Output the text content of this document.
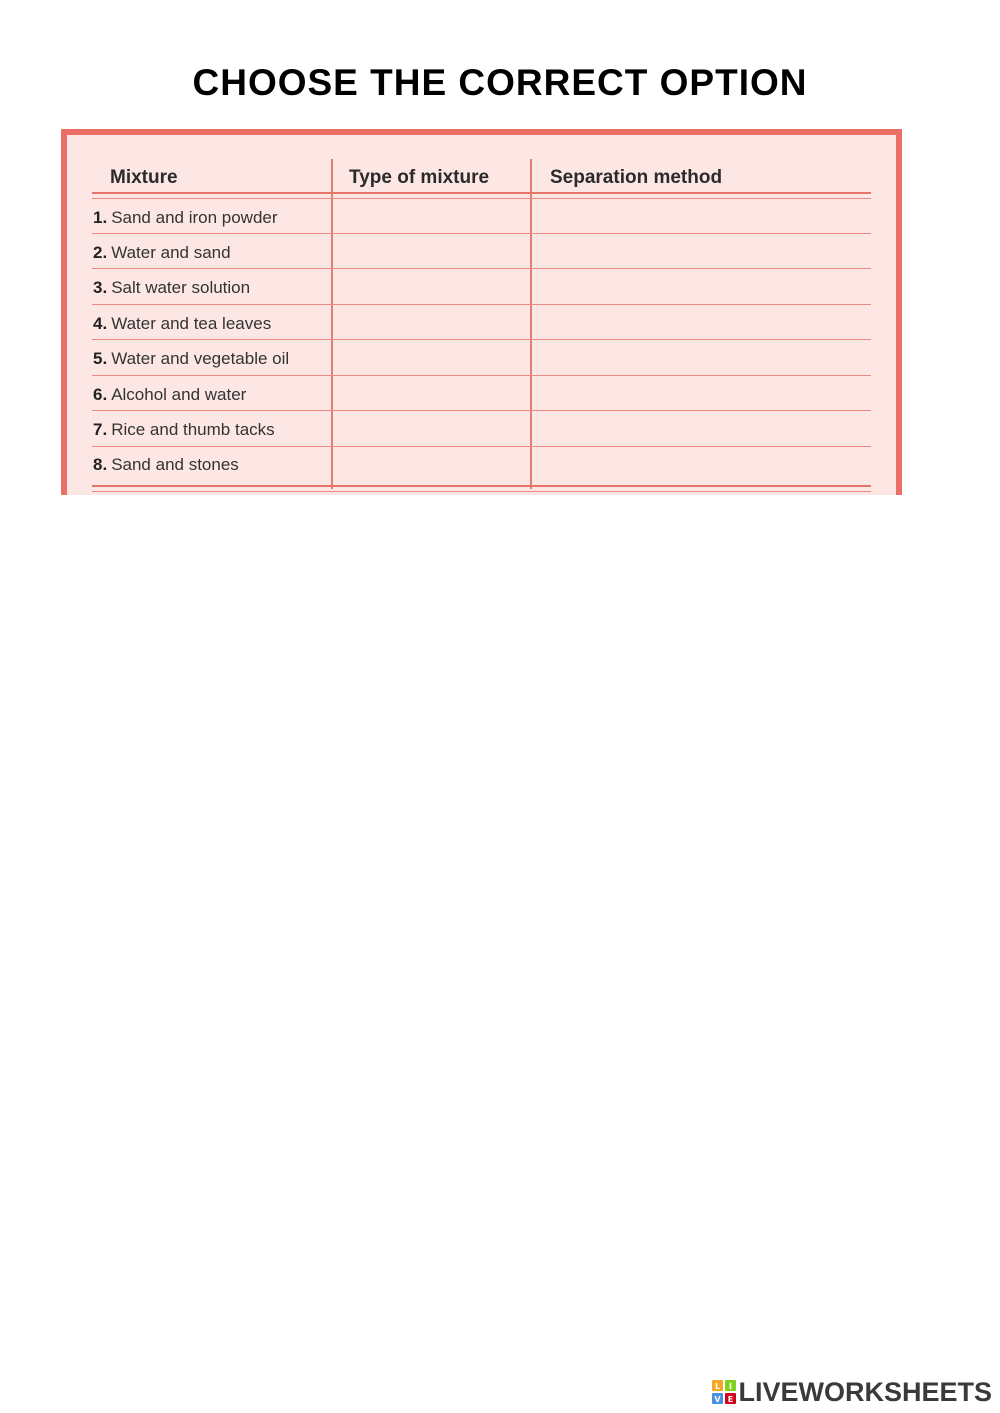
CHOOSE THE CORRECT OPTION
Mixture	Type of mixture	Separation method
1. Sand and iron powder
2. Water and sand
3. Salt water solution
4. Water and tea leaves
5. Water and vegetable oil
6. Alcohol and water
7. Rice and thumb tacks
8. Sand and stones
L I
V E LIVEWORKSHEETS
